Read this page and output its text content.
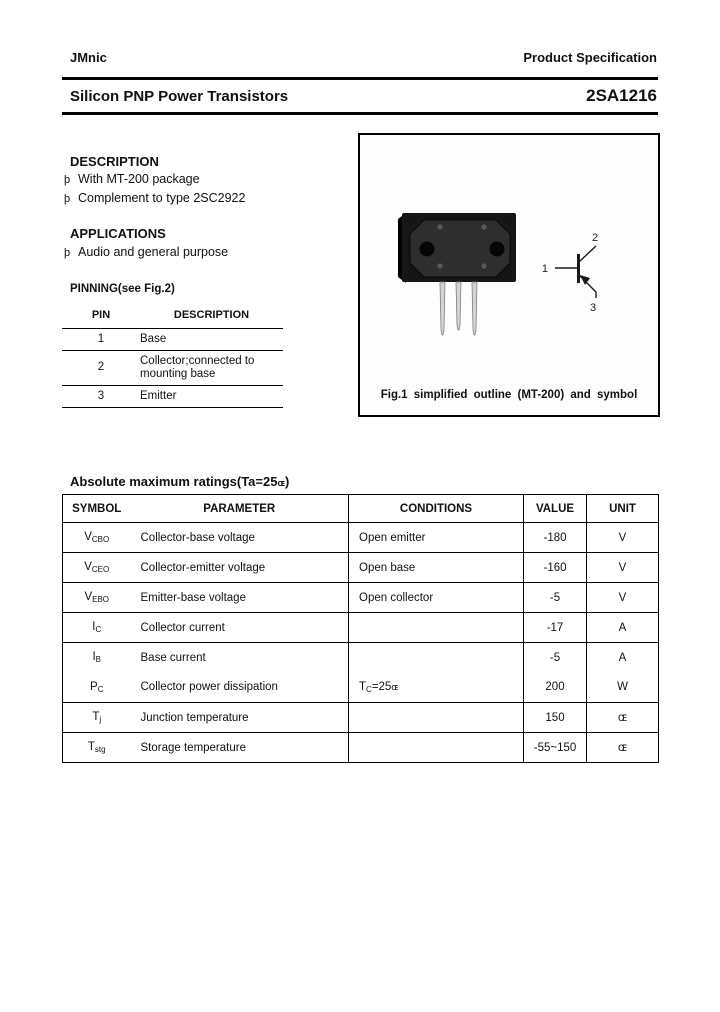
JMnic	Product Specification
Silicon PNP Power Transistors	2SA1216
DESCRIPTION
þ With MT-200 package
þ Complement to type 2SC2922
APPLICATIONS
þ Audio and general purpose
PINNING(see Fig.2)
PIN	DESCRIPTION
1	Base
2	Collector;connected to mounting base
3	Emitter
1
2
3
Fig.1 simplified outline (MT-200) and symbol
Absolute maximum ratings(Ta=25ɶ)
SYMBOL	PARAMETER	CONDITIONS	VALUE	UNIT
$V_{CBO}$	Collector-base voltage	Open emitter	-180	V
$V_{CEO}$	Collector-emitter voltage	Open base	-160	V
$V_{EBO}$	Emitter-base voltage	Open collector	-5	V
$I_C$	Collector current		-17	A
$I_B$	Base current		-5	A
$P_C$	Collector power dissipation	$T_C=25ɶ$	200	W
$T_j$	Junction temperature		150	ɶ
$T_{stg}$	Storage temperature		-55~150	ɶ
